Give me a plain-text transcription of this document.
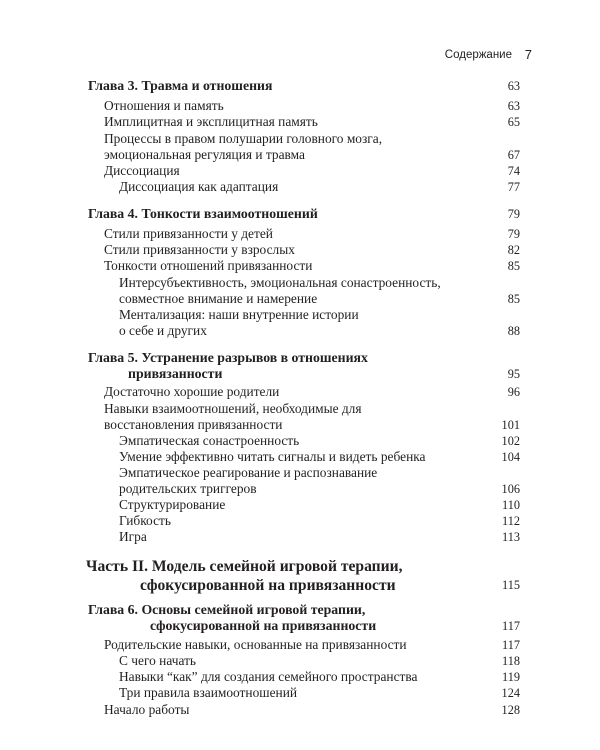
Содержание 7
Глава 3. Травма и отношения	63
Отношения и память	63
Имплицитная и эксплицитная память	65
Процессы в правом полушарии головного мозга,
эмоциональная регуляция и травма	67
Диссоциация	74
Диссоциация как адаптация	77
Глава 4. Тонкости взаимоотношений	79
Стили привязанности у детей	79
Стили привязанности у взрослых	82
Тонкости отношений привязанности	85
Интерсубъективность, эмоциональная сонастроенность,
совместное внимание и намерение	85
Ментализация: наши внутренние истории
о себе и других	88
Глава 5. Устранение разрывов в отношениях
привязанности	95
Достаточно хорошие родители	96
Навыки взаимоотношений, необходимые для
восстановления привязанности	101
Эмпатическая сонастроенность	102
Умение эффективно читать сигналы и видеть ребенка	104
Эмпатическое реагирование и распознавание
родительских триггеров	106
Структурирование	110
Гибкость	112
Игра	113
Часть II. Модель семейной игровой терапии,
сфокусированной на привязанности	115
Глава 6. Основы семейной игровой терапии,
сфокусированной на привязанности	117
Родительские навыки, основанные на привязанности	117
С чего начать	118
Навыки “как” для создания семейного пространства	119
Три правила взаимоотношений	124
Начало работы	128
